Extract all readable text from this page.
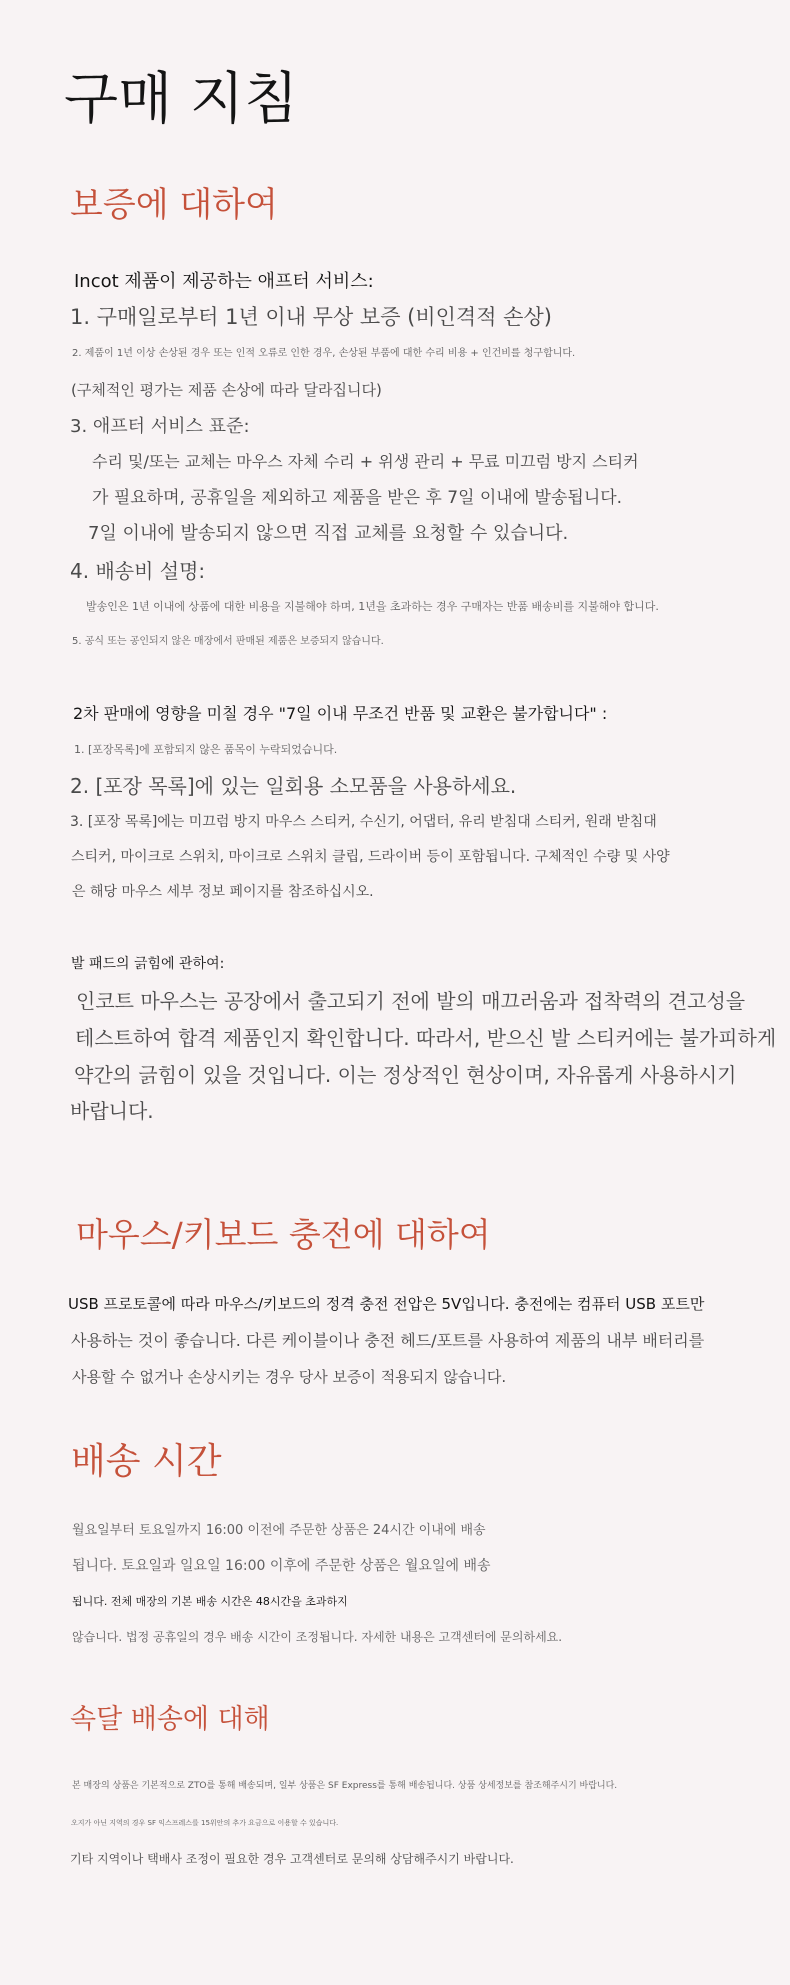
구매 지침
보증에 대하여

Incot 제품이 제공하는 애프터 서비스:

1. 구매일로부터 1년 이내 무상 보증 (비인격적 손상)

2. 제품이 1년 이상 손상된 경우 또는 인적 오류로 인한 경우, 손상된 부품에 대한 수리 비용 + 인건비를 청구합니다.

(구체적인 평가는 제품 손상에 따라 달라집니다)

3. 애프터 서비스 표준:

수리 및/또는 교체는 마우스 자체 수리 + 위생 관리 + 무료 미끄럼 방지 스티커

가 필요하며, 공휴일을 제외하고 제품을 받은 후 7일 이내에 발송됩니다.

7일 이내에 발송되지 않으면 직접 교체를 요청할 수 있습니다.

4. 배송비 설명:

발송인은 1년 이내에 상품에 대한 비용을 지불해야 하며, 1년을 초과하는 경우 구매자는 반품 배송비를 지불해야 합니다.

5. 공식 또는 공인되지 않은 매장에서 판매된 제품은 보증되지 않습니다.

2차 판매에 영향을 미칠 경우 "7일 이내 무조건 반품 및 교환은 불가합니다" :

1. [포장목록]에 포함되지 않은 품목이 누락되었습니다.

2. [포장 목록]에 있는 일회용 소모품을 사용하세요.

3. [포장 목록]에는 미끄럼 방지 마우스 스티커, 수신기, 어댑터, 유리 받침대 스티커, 원래 받침대

스티커, 마이크로 스위치, 마이크로 스위치 클립, 드라이버 등이 포함됩니다. 구체적인 수량 및 사양

은 해당 마우스 세부 정보 페이지를 참조하십시오.

발 패드의 긁힘에 관하여:

인코트 마우스는 공장에서 출고되기 전에 발의 매끄러움과 접착력의 견고성을

테스트하여 합격 제품인지 확인합니다. 따라서, 받으신 발 스티커에는 불가피하게

약간의 긁힘이 있을 것입니다. 이는 정상적인 현상이며, 자유롭게 사용하시기

바랍니다.

마우스/키보드 충전에 대하여

USB 프로토콜에 따라 마우스/키보드의 정격 충전 전압은 5V입니다. 충전에는 컴퓨터 USB 포트만

사용하는 것이 좋습니다. 다른 케이블이나 충전 헤드/포트를 사용하여 제품의 내부 배터리를

사용할 수 없거나 손상시키는 경우 당사 보증이 적용되지 않습니다.

배송 시간

월요일부터 토요일까지 16:00 이전에 주문한 상품은 24시간 이내에 배송

됩니다. 토요일과 일요일 16:00 이후에 주문한 상품은 월요일에 배송

됩니다. 전체 매장의 기본 배송 시간은 48시간을 초과하지

않습니다. 법정 공휴일의 경우 배송 시간이 조정됩니다. 자세한 내용은 고객센터에 문의하세요.

속달 배송에 대해

본 매장의 상품은 기본적으로 ZTO를 통해 배송되며, 일부 상품은 SF Express를 통해 배송됩니다. 상품 상세정보를 참조해주시기 바랍니다.

오지가 아닌 지역의 경우 SF 익스프레스를 15위안의 추가 요금으로 이용할 수 있습니다.

기타 지역이나 택배사 조정이 필요한 경우 고객센터로 문의해 상담해주시기 바랍니다.
